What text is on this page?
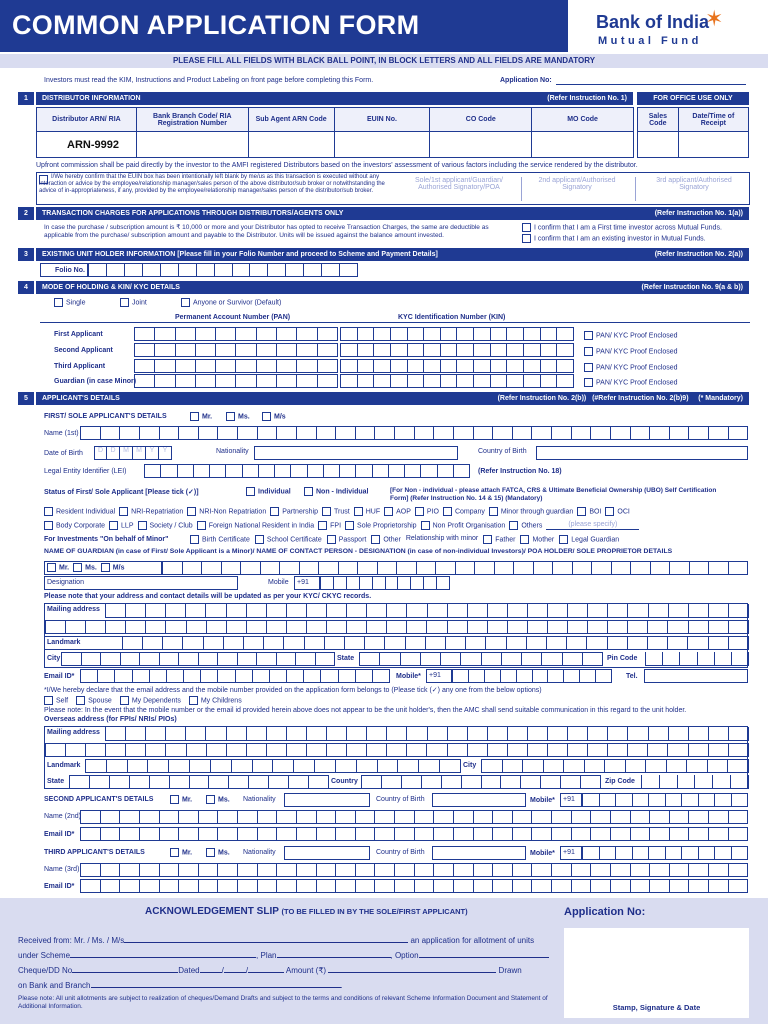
COMMON APPLICATION FORM	Bank of India
✶
Mutual Fund
PLEASE FILL ALL FIELDS WITH BLACK BALL POINT, IN BLOCK LETTERS AND ALL FIELDS ARE MANDATORY
Investors must read the KIM, Instructions and Product Labeling on front page before completing this Form.	Application No:
1	DISTRIBUTOR INFORMATION	(Refer Instruction No. 1)	FOR OFFICE USE ONLY
Distributor ARN/ RIA	Bank Branch Code/ RIA Registration Number	Sub Agent ARN Code	EUIN No.	CO Code	MO Code
ARN-9992					
Sales Code	Date/Time of Receipt

Upfront commission shall be paid directly by the investor to the AMFI registered Distributors based on the investors' assessment of various factors including the service rendered by the distributor.
I/We hereby confirm that the EUIN box has been intentionally left blank by me/us as this transaction is executed without any interaction or advice by the employee/relationship manager/sales person of the above distributor/sub broker or notwithstanding the advice of in-appropriateness, if any, provided by the employee/relationship manager/sales person of the distributor/sub broker.
Sole/1st applicant/Guardian/ Authorised Signatory/POA
2nd applicant/Authorised Signatory
3rd applicant/Authorised Signatory
2	TRANSACTION CHARGES FOR APPLICATIONS THROUGH DISTRIBUTORS/AGENTS ONLY	(Refer Instruction No. 1(a))
In case the purchase / subscription amount is ₹ 10,000 or more and your Distributor has opted to receive Transaction Charges, the same are deductible as applicable from the purchase/ subscription amount and payable to the Distributor. Units will be issued against the balance amount invested.
I confirm that I am a First time investor across Mutual Funds.
I confirm that I am an existing investor in Mutual Funds.
3	EXISTING UNIT HOLDER INFORMATION [Please fill in your Folio Number and proceed to Scheme and Payment Details]	(Refer Instruction No. 2(a))
Folio No.
4	MODE OF HOLDING & KIN/ KYC DETAILS	(Refer Instruction No. 9(a & b))
Single	Joint	Anyone or Survivor (Default)
Permanent Account Number (PAN)	KYC Identification Number (KIN)
First Applicant	PAN/ KYC Proof Enclosed
Second Applicant	PAN/ KYC Proof Enclosed
Third Applicant	PAN/ KYC Proof Enclosed
Guardian (in case Minor)	PAN/ KYC Proof Enclosed
5	APPLICANT'S DETAILS	(Refer Instruction No. 2(b)) (#Refer Instruction No. 2(b)9) (* Mandatory)
FIRST/ SOLE APPLICANT'S DETAILS	Mr.	Ms.	M/s
Name (1st)
Date of Birth	D	D	M	M	Y	Y	Nationality	Country of Birth
Legal Entity Identifier (LEI)	(Refer Instruction No. 18)
Status of First/ Sole Applicant [Please tick (✓)]	Individual	Non - Individual	[For Non - individual - please attach FATCA, CRS & Ultimate Beneficial Ownership (UBO) Self Certification Form] (Refer Instruction No. 14 & 15) (Mandatory)
Resident Individual	NRI-Repatriation	NRI-Non Repatriation	Partnership	Trust	HUF	AOP	PIO	Company	Minor through guardian	BOI	OCI
Body Corporate	LLP	Society / Club	Foreign National Resident in India	FPI	Sole Proprietorship	Non Profit Organisation	Others	(please specify)
For Investments "On behalf of Minor"	Birth Certificate	School Certificate	Passport	Other Relationship with minor	Father	Mother	Legal Guardian
NAME OF GUARDIAN (in case of First/ Sole Applicant is a Minor)/ NAME OF CONTACT PERSON - DESIGNATION (in case of non-individual Investors)/ POA HOLDER/ SOLE PROPRIETOR DETAILS
Mr.	Ms.	M/s
Designation	Mobile	+91
Please note that your address and contact details will be updated as per your KYC/ CKYC records.
Mailing address
Landmark
City	State	Pin Code
Email ID*	Mobile*	+91	Tel.
*I/We hereby declare that the email address and the mobile number provided on the application form belongs to (Please tick (✓) any one from the below options)
Self	Spouse	My Dependents	My Childrens
Please note: In the event that the mobile number or the email id provided herein above does not appear to be the unit holder's, then the AMC shall send suitable communication in this regard to the unit holder.
Overseas address (for FPIs/ NRIs/ PIOs)
Mailing address
Landmark	City
State	Country	Zip Code
SECOND APPLICANT'S DETAILS	Mr.	Ms. Nationality	Country of Birth	Mobile*	+91
Name (2nd)
Email ID*
THIRD APPLICANT'S DETAILS	Mr.	Ms. Nationality	Country of Birth	Mobile*	+91
Name (3rd)
Email ID*
ACKNOWLEDGEMENT SLIP (TO BE FILLED IN BY THE SOLE/FIRST APPLICANT)	Application No:
Stamp, Signature & Date
Received from: Mr. / Ms. / M/s	an application for allotment of units
under Scheme	, Plan	, Option
Cheque/DD No	Dated	/	/	Amount (₹)	Drawn
on Bank and Branch	.
Please note: All unit allotments are subject to realization of cheques/Demand Drafts and subject to the terms and conditions of relevant Scheme Information Document and Statement of Additional Information.
